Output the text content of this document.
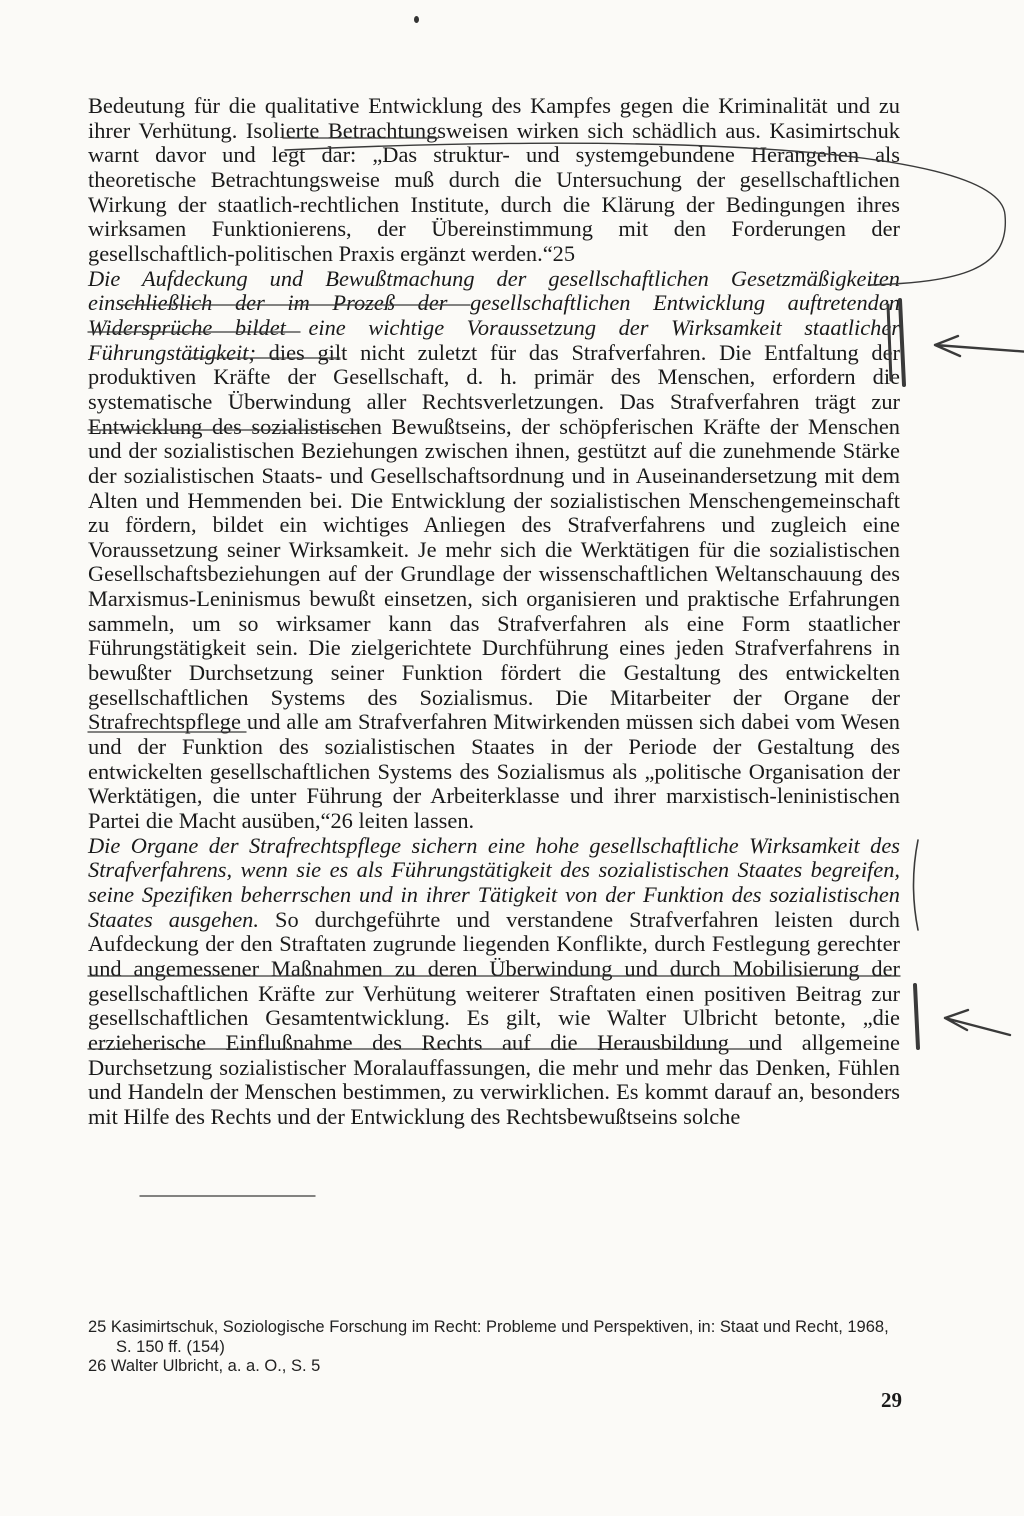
Bedeutung für die qualitative Entwicklung des Kampfes gegen die Kriminalität und zu ihrer Verhütung. Isolierte Betrachtungsweisen wirken sich schädlich aus. Kasimirtschuk warnt davor und legt dar: „Das struktur- und systemgebundene Herangehen als theoretische Betrachtungsweise muß durch die Untersuchung der gesellschaftlichen Wirkung der staatlich-rechtlichen Institute, durch die Klärung der Bedingungen ihres wirksamen Funktionierens, der Übereinstimmung mit den Forderungen der gesellschaftlich-politischen Praxis ergänzt werden.“25

Die Aufdeckung und Bewußtmachung der gesellschaftlichen Gesetzmäßigkeiten einschließlich der im Prozeß der gesellschaftlichen Entwicklung auftretenden Widersprüche bildet eine wichtige Voraussetzung der Wirksamkeit staatlicher Führungstätigkeit; dies gilt nicht zuletzt für das Strafverfahren. Die Entfaltung der produktiven Kräfte der Gesellschaft, d. h. primär des Menschen, erfordern die systematische Überwindung aller Rechtsverletzungen. Das Strafverfahren trägt zur Entwicklung des sozialistischen Bewußtseins, der schöpferischen Kräfte der Menschen und der sozialistischen Beziehungen zwischen ihnen, gestützt auf die zunehmende Stärke der sozialistischen Staats- und Gesellschaftsordnung und in Auseinandersetzung mit dem Alten und Hemmenden bei. Die Entwicklung der sozialistischen Menschengemeinschaft zu fördern, bildet ein wichtiges Anliegen des Strafverfahrens und zugleich eine Voraussetzung seiner Wirksamkeit. Je mehr sich die Werktätigen für die sozialistischen Gesellschaftsbeziehungen auf der Grundlage der wissenschaftlichen Weltanschauung des Marxismus-Leninismus bewußt einsetzen, sich organisieren und praktische Erfahrungen sammeln, um so wirksamer kann das Strafverfahren als eine Form staatlicher Führungstätigkeit sein. Die zielgerichtete Durchführung eines jeden Strafverfahrens in bewußter Durchsetzung seiner Funktion fördert die Gestaltung des entwickelten gesellschaftlichen Systems des Sozialismus. Die Mitarbeiter der Organe der Strafrechtspflege und alle am Strafverfahren Mitwirkenden müssen sich dabei vom Wesen und der Funktion des sozialistischen Staates in der Periode der Gestaltung des entwickelten gesellschaftlichen Systems des Sozialismus als „politische Organisation der Werktätigen, die unter Führung der Arbeiterklasse und ihrer marxistisch-leninistischen Partei die Macht ausüben,“26 leiten lassen.

Die Organe der Strafrechtspflege sichern eine hohe gesellschaftliche Wirksamkeit des Strafverfahrens, wenn sie es als Führungstätigkeit des sozialistischen Staates begreifen, seine Spezifiken beherrschen und in ihrer Tätigkeit von der Funktion des sozialistischen Staates ausgehen. So durchgeführte und verstandene Strafverfahren leisten durch Aufdeckung der den Straftaten zugrunde liegenden Konflikte, durch Festlegung gerechter und angemessener Maßnahmen zu deren Überwindung und durch Mobilisierung der gesellschaftlichen Kräfte zur Verhütung weiterer Straftaten einen positiven Beitrag zur gesellschaftlichen Gesamtentwicklung. Es gilt, wie Walter Ulbricht betonte, „die erzieherische Einflußnahme des Rechts auf die Herausbildung und allgemeine Durchsetzung sozialistischer Moralauffassungen, die mehr und mehr das Denken, Fühlen und Handeln der Menschen bestimmen, zu verwirklichen. Es kommt darauf an, besonders mit Hilfe des Rechts und der Entwicklung des Rechtsbewußtseins solche

25 Kasimirtschuk, Soziologische Forschung im Recht: Probleme und Perspektiven, in: Staat und Recht, 1968, S. 150 ff. (154)

26 Walter Ulbricht, a. a. O., S. 5

29
